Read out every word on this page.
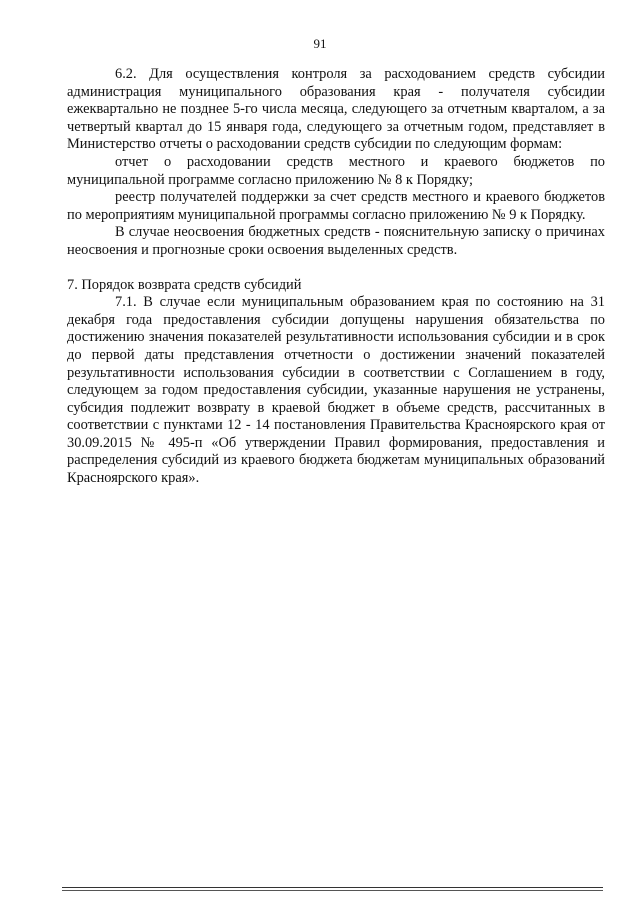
91

6.2. Для осуществления контроля за расходованием средств субсидии администрация муниципального образования края - получателя субсидии ежеквартально не позднее 5-го числа месяца, следующего за отчетным кварталом, а за четвертый квартал до 15 января года, следующего за отчетным годом, представляет в Министерство отчеты о расходовании средств субсидии по следующим формам:

отчет о расходовании средств местного и краевого бюджетов по муниципальной программе согласно приложению № 8 к Порядку;

реестр получателей поддержки за счет средств местного и краевого бюджетов по мероприятиям муниципальной программы согласно приложению № 9 к Порядку.

В случае неосвоения бюджетных средств - пояснительную записку о причинах неосвоения и прогнозные сроки освоения выделенных средств.

7. Порядок возврата средств субсидий

7.1. В случае если муниципальным образованием края по состоянию на 31 декабря года предоставления субсидии допущены нарушения обязательства по достижению значения показателей результативности использования субсидии и в срок до первой даты представления отчетности о достижении значений показателей результативности использования субсидии в соответствии с Соглашением в году, следующем за годом предоставления субсидии, указанные нарушения не устранены, субсидия подлежит возврату в краевой бюджет в объеме средств, рассчитанных в соответствии с пунктами 12 - 14 постановления Правительства Красноярского края от 30.09.2015 № 495-п «Об утверждении Правил формирования, предоставления и распределения субсидий из краевого бюджета бюджетам муниципальных образований Красноярского края».
